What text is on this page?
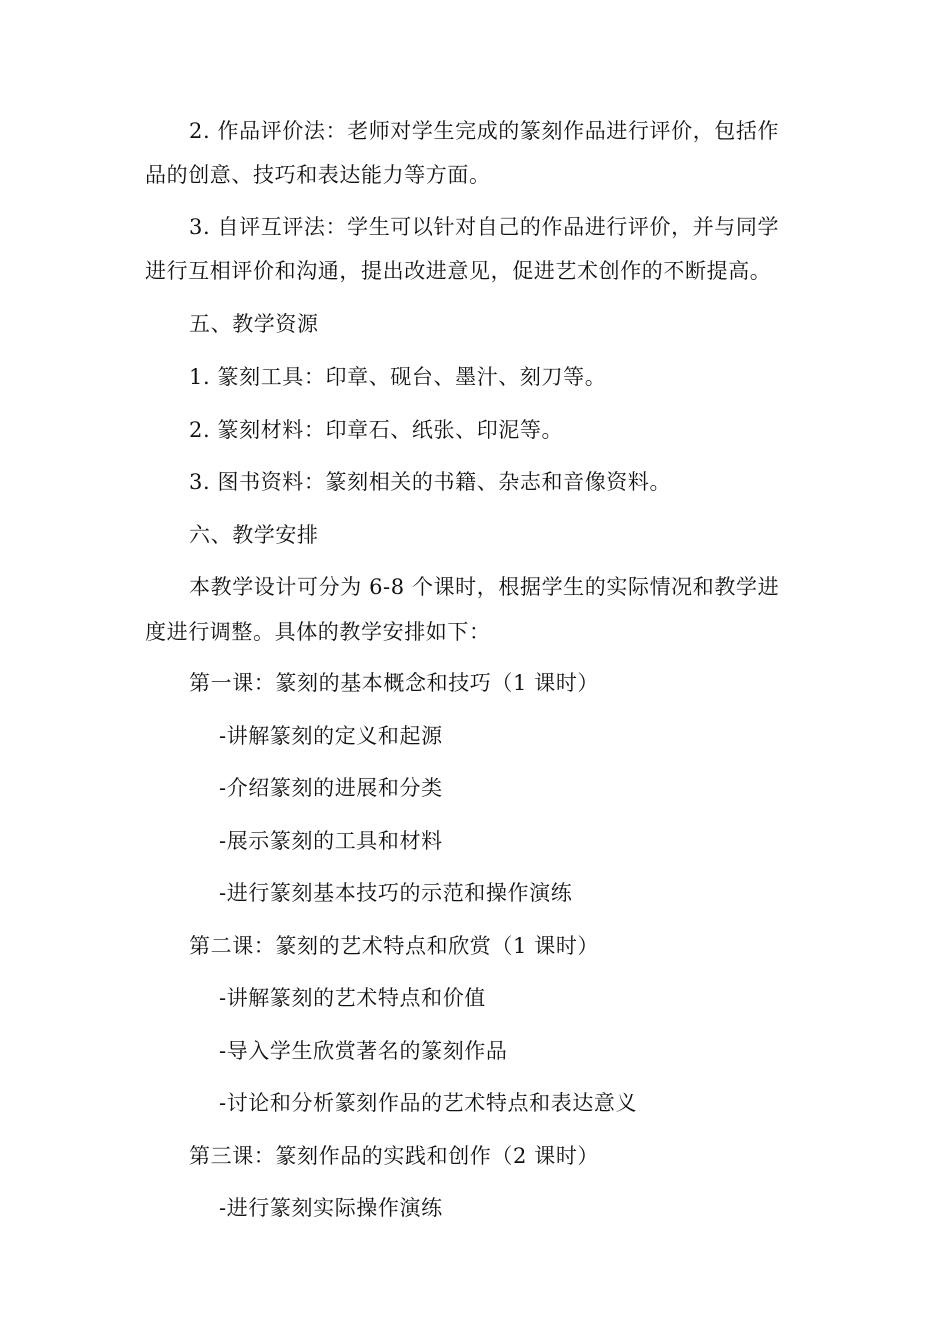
2. 作品评价法：老师对学生完成的篆刻作品进行评价，包括作
品的创意、技巧和表达能力等方面。
3. 自评互评法：学生可以针对自己的作品进行评价，并与同学
进行互相评价和沟通，提出改进意见，促进艺术创作的不断提高。
五、教学资源
1. 篆刻工具：印章、砚台、墨汁、刻刀等。
2. 篆刻材料：印章石、纸张、印泥等。
3. 图书资料：篆刻相关的书籍、杂志和音像资料。
六、教学安排
本教学设计可分为 6-8 个课时，根据学生的实际情况和教学进
度进行调整。具体的教学安排如下：
第一课：篆刻的基本概念和技巧（1 课时）
-讲解篆刻的定义和起源
-介绍篆刻的进展和分类
-展示篆刻的工具和材料
-进行篆刻基本技巧的示范和操作演练
第二课：篆刻的艺术特点和欣赏（1 课时）
-讲解篆刻的艺术特点和价值
-导入学生欣赏著名的篆刻作品
-讨论和分析篆刻作品的艺术特点和表达意义
第三课：篆刻作品的实践和创作（2 课时）
-进行篆刻实际操作演练
